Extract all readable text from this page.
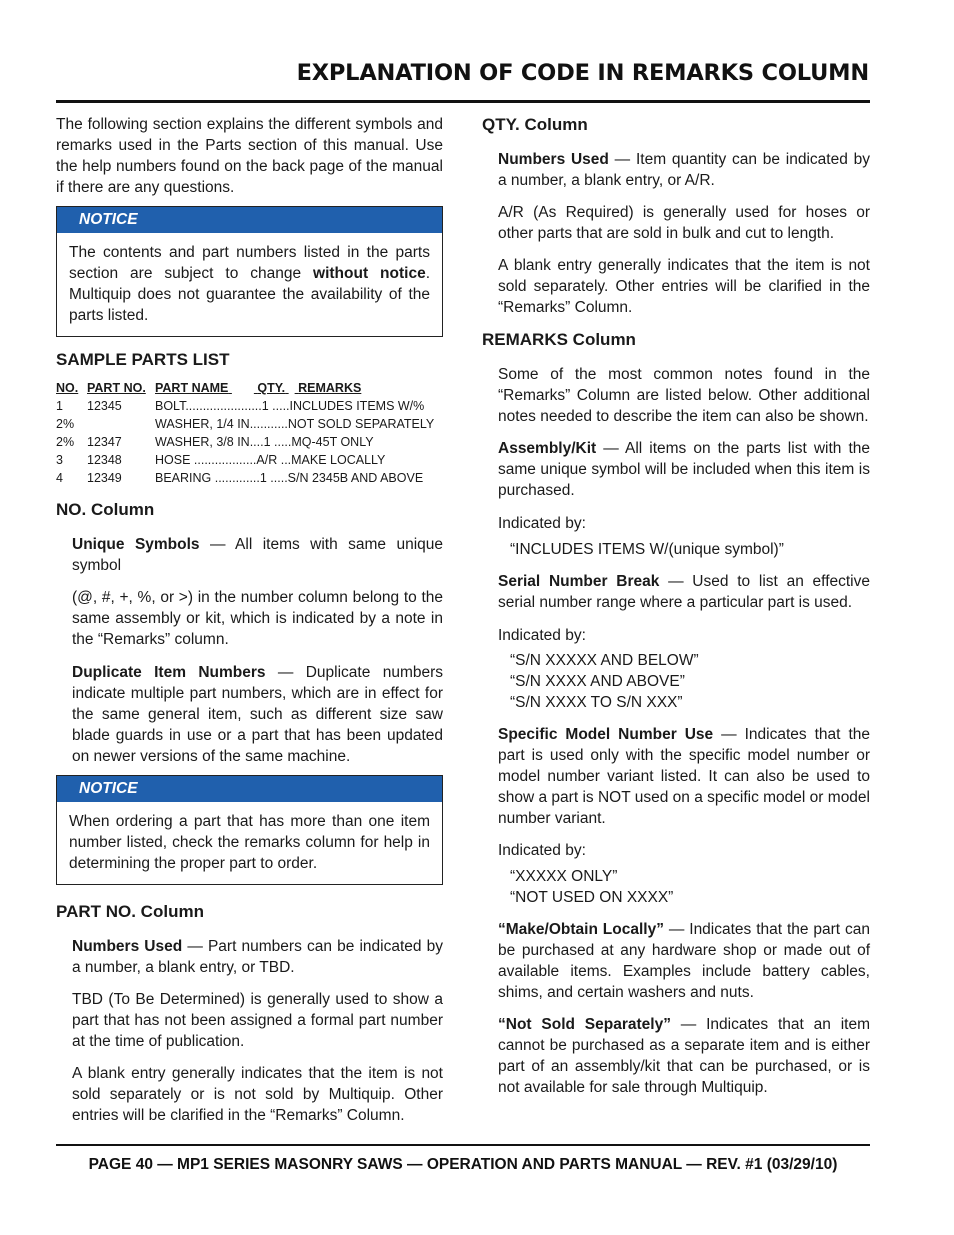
EXPLANATION OF CODE IN REMARKS COLUMN

The following section explains the different symbols and remarks used in the Parts section of this manual. Use the help numbers found on the back page of the manual if there are any questions.

NOTICE
The contents and part numbers listed in the parts section are subject to change without notice. Multiquip does not guarantee the availability of the parts listed.
SAMPLE PARTS LIST
NO.	PART NO.	PART NAME QTY. REMARKS
1	12345	BOLT......................1 .....INCLUDES ITEMS W/%
2%		WASHER, 1/4 IN...........NOT SOLD SEPARATELY
2%	12347	WASHER, 3/8 IN....1 .....MQ-45T ONLY
3	12348	HOSE ..................A/R ...MAKE LOCALLY
4	12349	BEARING .............1 .....S/N 2345B AND ABOVE
NO. Column

Unique Symbols — All items with same unique symbol

(@, #, +, %, or >) in the number column belong to the same assembly or kit, which is indicated by a note in the “Remarks” column.

Duplicate Item Numbers — Duplicate numbers indicate multiple part numbers, which are in effect for the same general item, such as different size saw blade guards in use or a part that has been updated on newer versions of the same machine.

NOTICE
When ordering a part that has more than one item number listed, check the remarks column for help in determining the proper part to order.
PART NO. Column

Numbers Used — Part numbers can be indicated by a number, a blank entry, or TBD.

TBD (To Be Determined) is generally used to show a part that has not been assigned a formal part number at the time of publication.

A blank entry generally indicates that the item is not sold separately or is not sold by Multiquip. Other entries will be clarified in the “Remarks” Column.

QTY. Column

Numbers Used — Item quantity can be indicated by a number, a blank entry, or A/R.

A/R (As Required) is generally used for hoses or other parts that are sold in bulk and cut to length.

A blank entry generally indicates that the item is not sold separately. Other entries will be clarified in the “Remarks” Column.

REMARKS Column

Some of the most common notes found in the “Remarks” Column are listed below. Other additional notes needed to describe the item can also be shown.

Assembly/Kit — All items on the parts list with the same unique symbol will be included when this item is purchased.

Indicated by:

“INCLUDES ITEMS W/(unique symbol)”

Serial Number Break — Used to list an effective serial number range where a particular part is used.

Indicated by:

“S/N XXXXX AND BELOW”
“S/N XXXX AND ABOVE”
“S/N XXXX TO S/N XXX”

Specific Model Number Use — Indicates that the part is used only with the specific model number or model number variant listed. It can also be used to show a part is NOT used on a specific model or model number variant.

Indicated by:

“XXXXX ONLY”
“NOT USED ON XXXX”

“Make/Obtain Locally” — Indicates that the part can be purchased at any hardware shop or made out of available items. Examples include battery cables, shims, and certain washers and nuts.

“Not Sold Separately” — Indicates that an item cannot be purchased as a separate item and is either part of an assembly/kit that can be purchased, or is not available for sale through Multiquip.

PAGE 40 — MP1 SERIES MASONRY SAWS — OPERATION AND PARTS MANUAL — REV. #1 (03/29/10)
